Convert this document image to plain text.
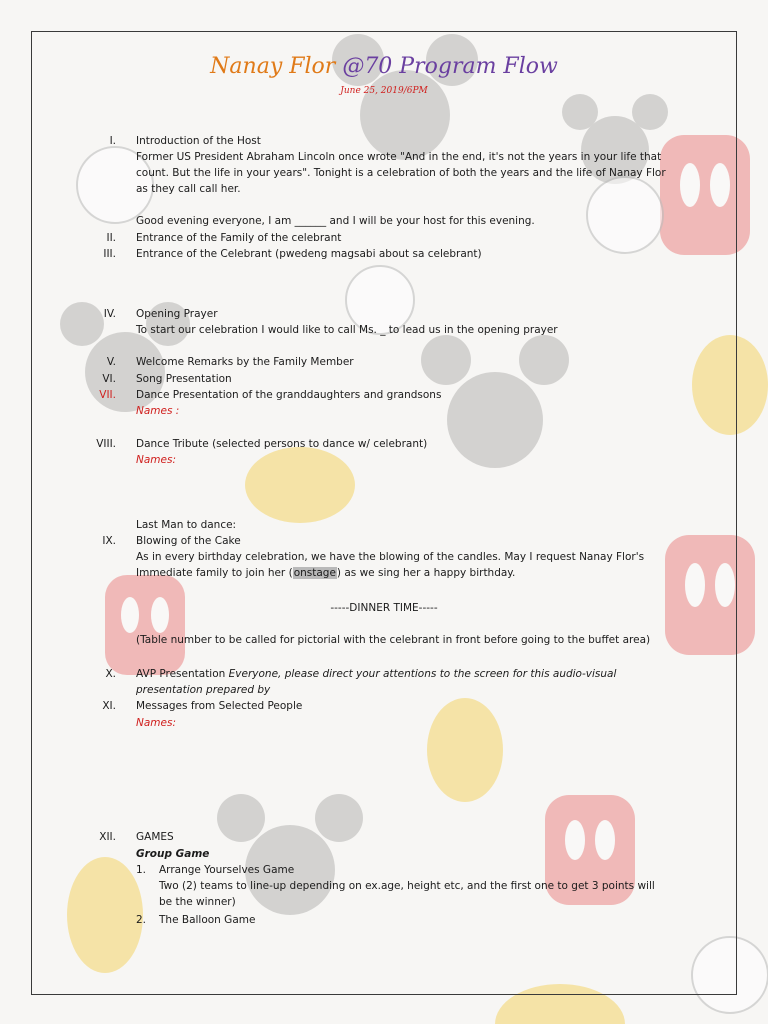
Nanay Flor @70 Program Flow
June 25, 2019/6PM
I. Introduction of the Host
Former US President Abraham Lincoln once wrote "And in the end, it's not the years in your life that
count. But the life in your years". Tonight is a celebration of both the years and the life of Nanay Flor
as they call call her.
Good evening everyone, I am ______ and I will be your host for this evening.
II. Entrance of the Family of the celebrant
III. Entrance of the Celebrant (pwedeng magsabi about sa celebrant)
IV. Opening Prayer
To start our celebration I would like to call Ms. _ to lead us in the opening prayer
V. Welcome Remarks by the Family Member
VI. Song Presentation
VII. Dance Presentation of the granddaughters and grandsons
Names :
VIII. Dance Tribute (selected persons to dance w/ celebrant)
Names:
Last Man to dance:
IX. Blowing of the Cake
As in every birthday celebration, we have the blowing of the candles. May I request Nanay Flor's
Immediate family to join her (onstage) as we sing her a happy birthday.
-----DINNER TIME-----
(Table number to be called for pictorial with the celebrant in front before going to the buffet area)
X. AVP Presentation Everyone, please direct your attentions to the screen for this audio-visual
presentation prepared by
XI. Messages from Selected People
Names:
XII. GAMES
Group Game
1. Arrange Yourselves Game
Two (2) teams to line-up depending on ex.age, height etc, and the first one to get 3 points will
be the winner)
2. The Balloon Game
